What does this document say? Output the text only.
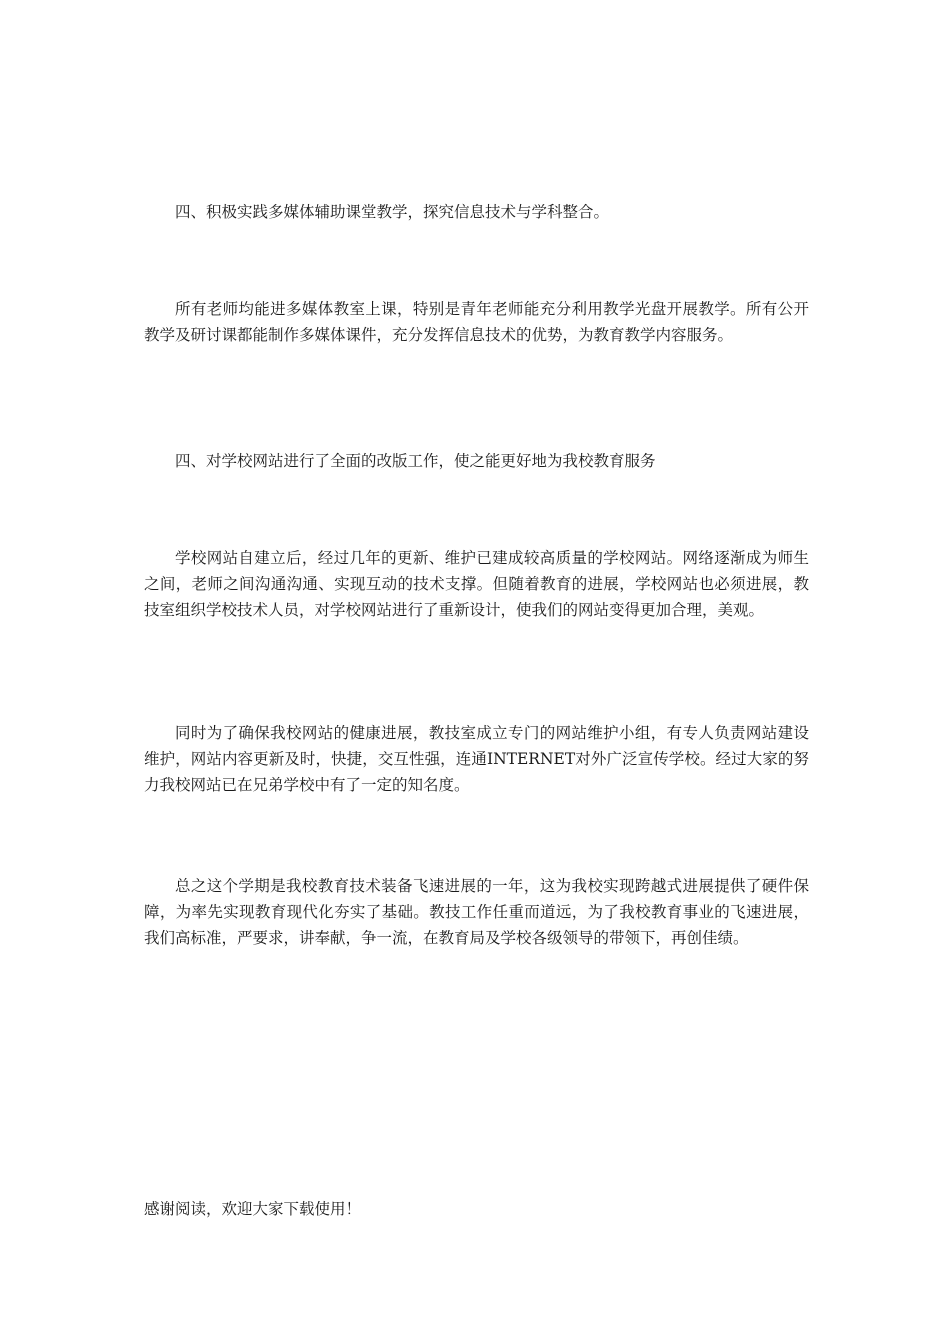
四、积极实践多媒体辅助课堂教学，探究信息技术与学科整合。

所有老师均能进多媒体教室上课，特别是青年老师能充分利用教学光盘开展教学。所有公开教学及研讨课都能制作多媒体课件，充分发挥信息技术的优势，为教育教学内容服务。

四、对学校网站进行了全面的改版工作，使之能更好地为我校教育服务

学校网站自建立后，经过几年的更新、维护已建成较高质量的学校网站。网络逐渐成为师生之间，老师之间沟通沟通、实现互动的技术支撑。但随着教育的进展，学校网站也必须进展，教技室组织学校技术人员，对学校网站进行了重新设计，使我们的网站变得更加合理，美观。

同时为了确保我校网站的健康进展，教技室成立专门的网站维护小组，有专人负责网站建设维护，网站内容更新及时，快捷，交互性强，连通INTERNET对外广泛宣传学校。经过大家的努力我校网站已在兄弟学校中有了一定的知名度。

总之这个学期是我校教育技术装备飞速进展的一年，这为我校实现跨越式进展提供了硬件保障，为率先实现教育现代化夯实了基础。教技工作任重而道远，为了我校教育事业的飞速进展，我们高标准，严要求，讲奉献，争一流，在教育局及学校各级领导的带领下，再创佳绩。

感谢阅读，欢迎大家下载使用！
